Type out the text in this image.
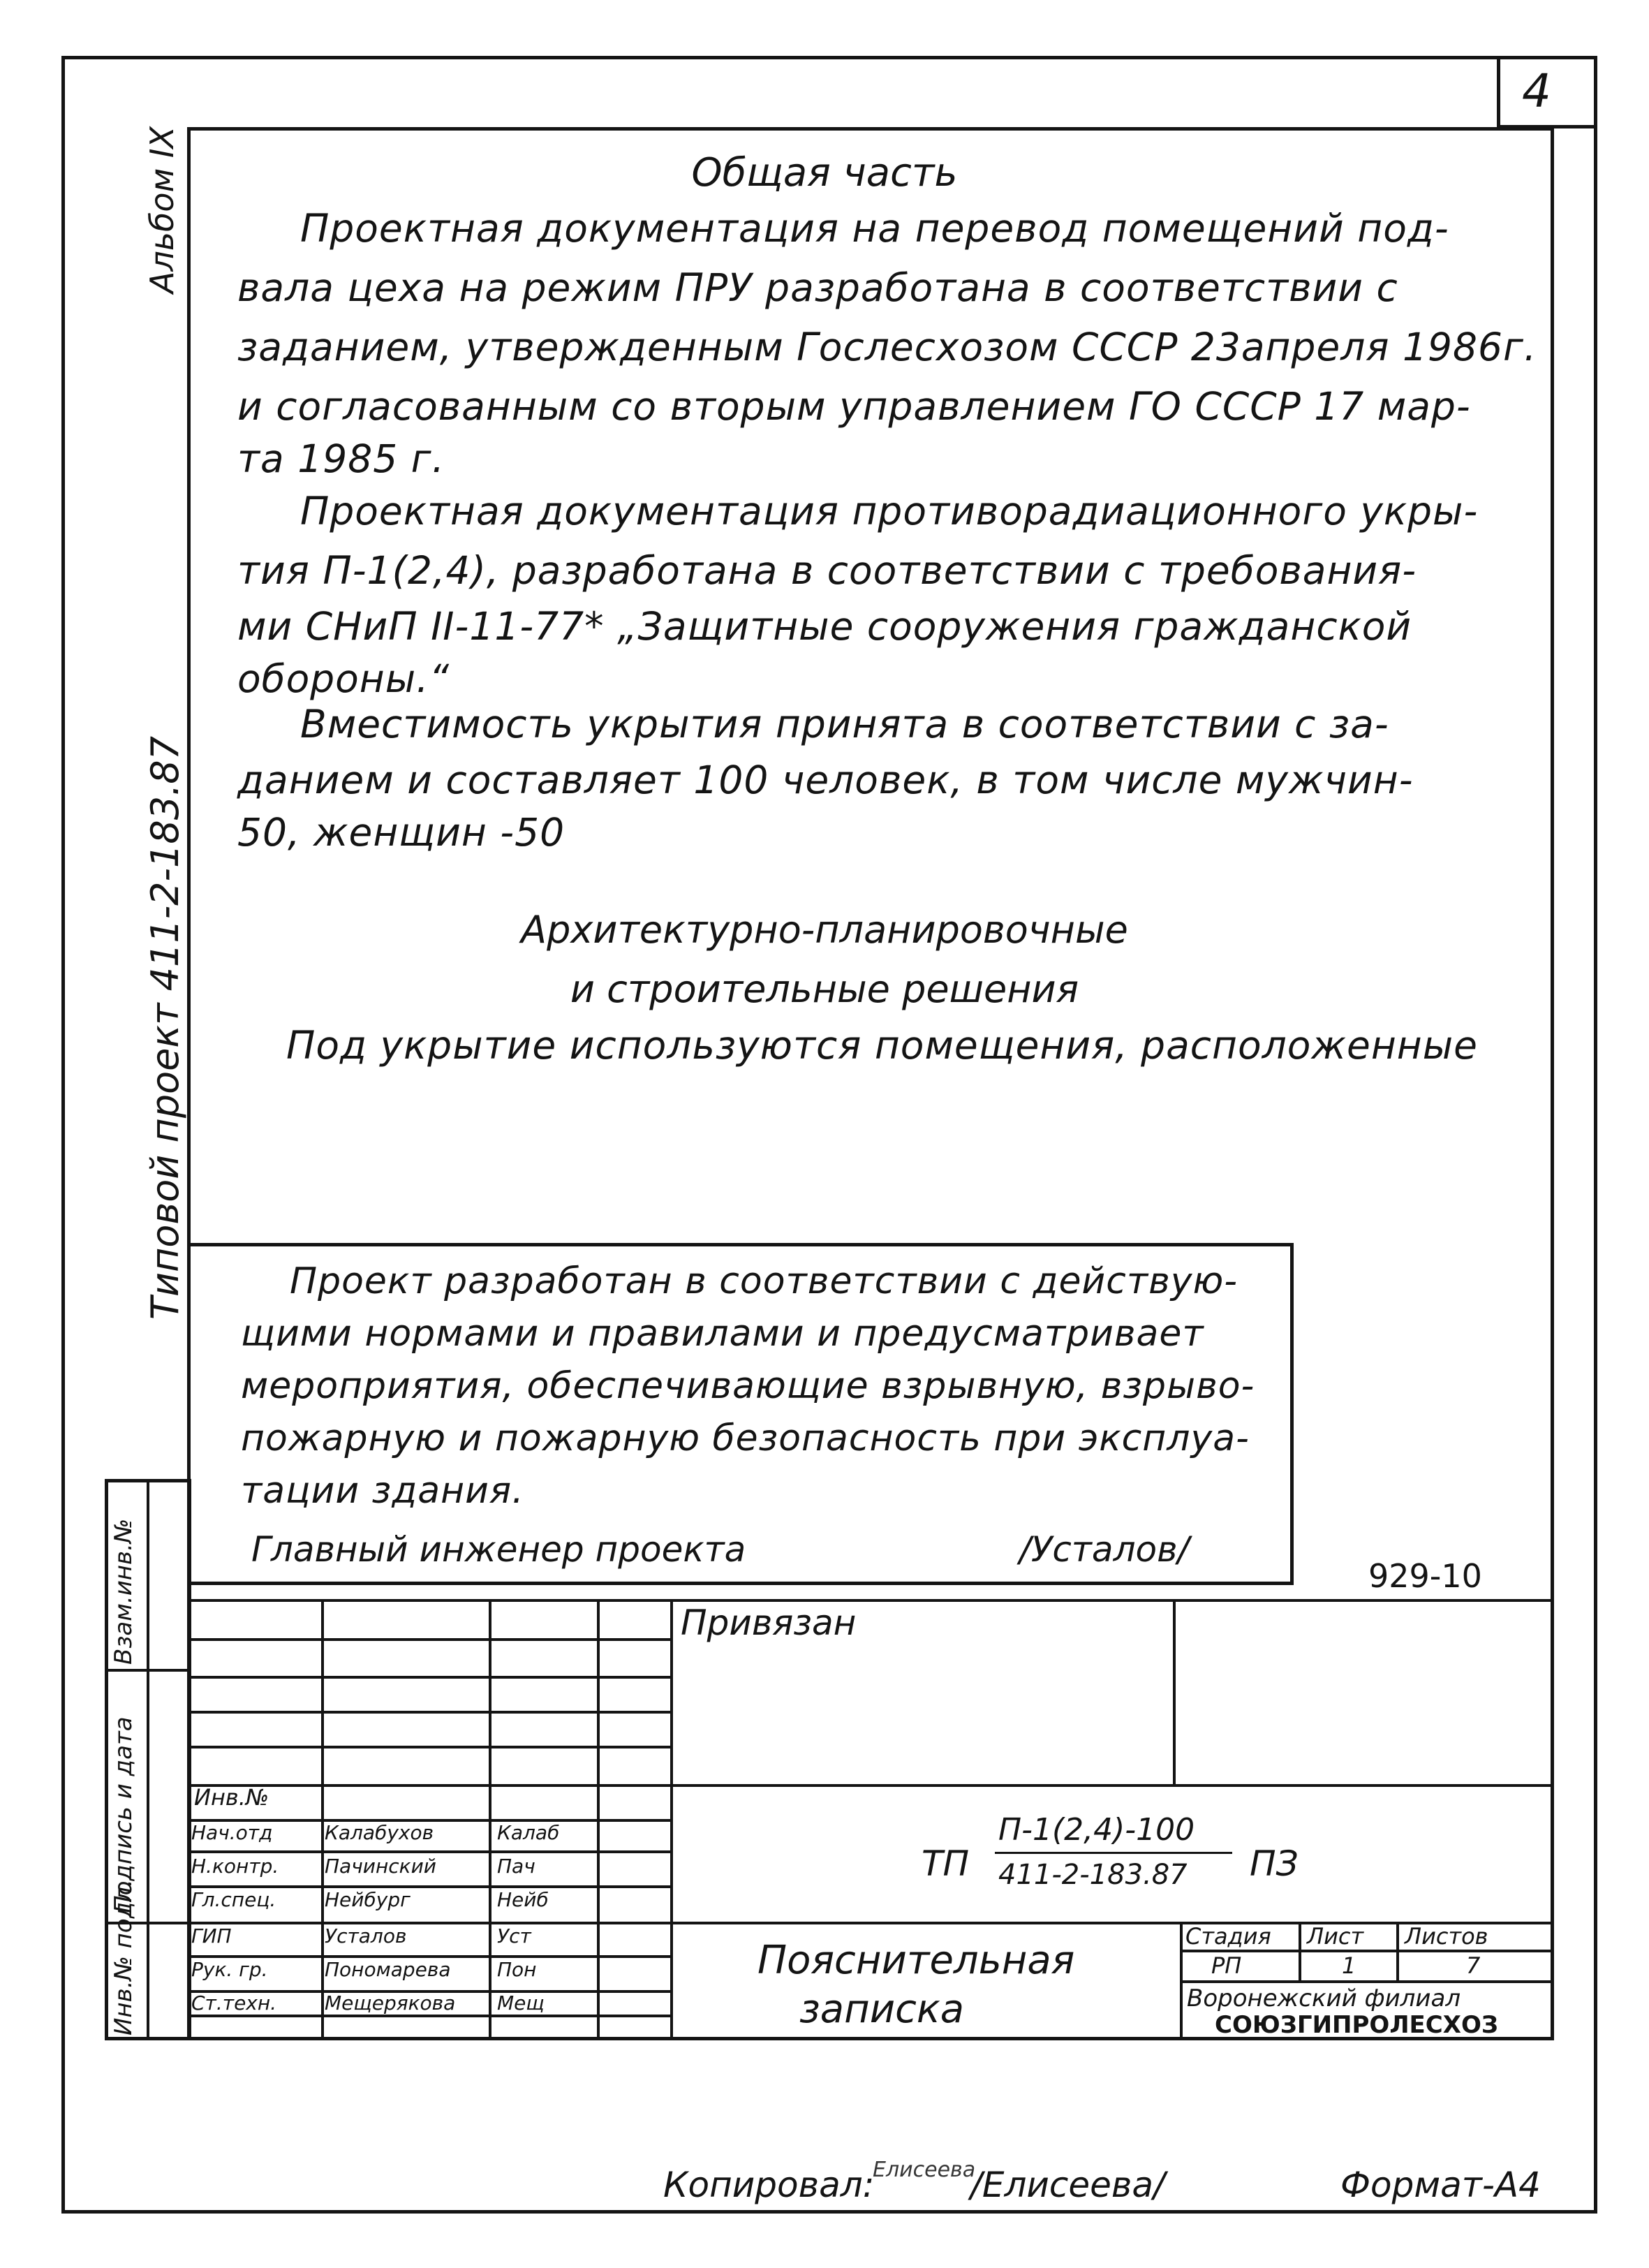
4
Альбом IX
Типовой проект 411-2-183.87
Взам.инв.№
Подпись и дата
Инв.№ подл.
Общая часть
Проектная документация на перевод помещений под-
вала цеха на режим ПРУ разработана в соответствии с
заданием, утвержденным Гослесхозом СССР 23апреля 1986г.
и согласованным со вторым управлением ГО СССР 17 мар-
та 1985 г.
Проектная документация противорадиационного укры-
тия П-1(2,4), разработана в соответствии с требования-
ми СНиП II-11-77* „Защитные сооружения гражданской
обороны.“
Вместимость укрытия принята в соответствии с за-
данием и составляет 100 человек, в том числе мужчин-
50, женщин -50
Архитектурно-планировочные
и строительные решения
Под укрытие используются помещения, расположенные
Проект разработан в соответствии с действую-
щими нормами и правилами и предусматривает
мероприятия, обеспечивающие взрывную, взрыво-
пожарную и пожарную безопасность при эксплуа-
тации здания.
Главный инженер проекта	/Усталов/
929-10
Привязан
Инв.№
Нач.отд	Калабухов	Калаб
Н.контр. Пачинский	Пач
Гл.спец. Нейбург	Нейб
ГИП	Усталов	Уст
Рук. гр.	Пономарева Пон
Ст.техн. Мещерякова Мещ
ТП
П-1(2,4)-100
411-2-183.87 ПЗ
Пояснительная
записка
Стадия Лист Листов
РП	1	7
Воронежский филиал
СОЮЗГИПРОЛЕСХОЗ
Копировал:
Елисеева
/Елисеева/	Формат-А4
